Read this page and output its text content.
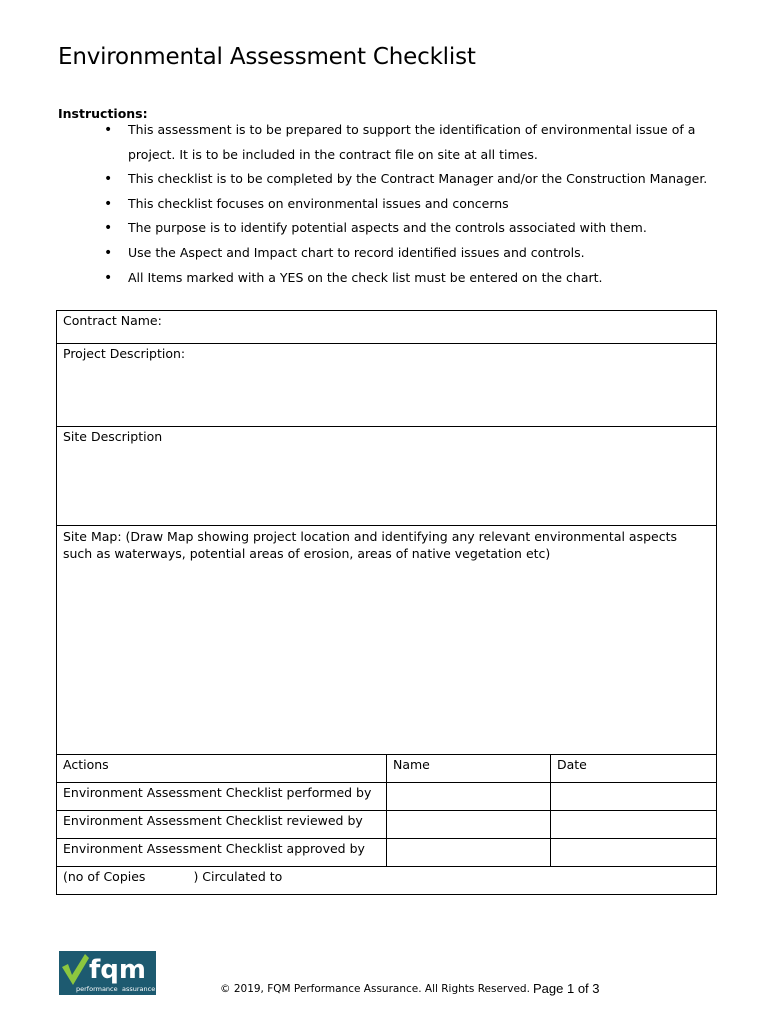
Environmental Assessment Checklist
Instructions:
• This assessment is to be prepared to support the identification of environmental issue of a project. It is to be included in the contract file on site at all times.
• This checklist is to be completed by the Contract Manager and/or the Construction Manager.
• This checklist focuses on environmental issues and concerns
• The purpose is to identify potential aspects and the controls associated with them.
• Use the Aspect and Impact chart to record identified issues and controls.
• All Items marked with a YES on the check list must be entered on the chart.
Contract Name:		
Project Description:		
Site Description		
Site Map: (Draw Map showing project location and identifying any relevant environmental aspects such as waterways, potential areas of erosion, areas of native vegetation etc)		
Actions	Name	Date
Environment Assessment Checklist performed by		
Environment Assessment Checklist reviewed by		
Environment Assessment Checklist approved by		
(no of Copies ) Circulated to		
fqm
performance assurance	© 2019, FQM Performance Assurance. All Rights Reserved. Page 1 of 3
